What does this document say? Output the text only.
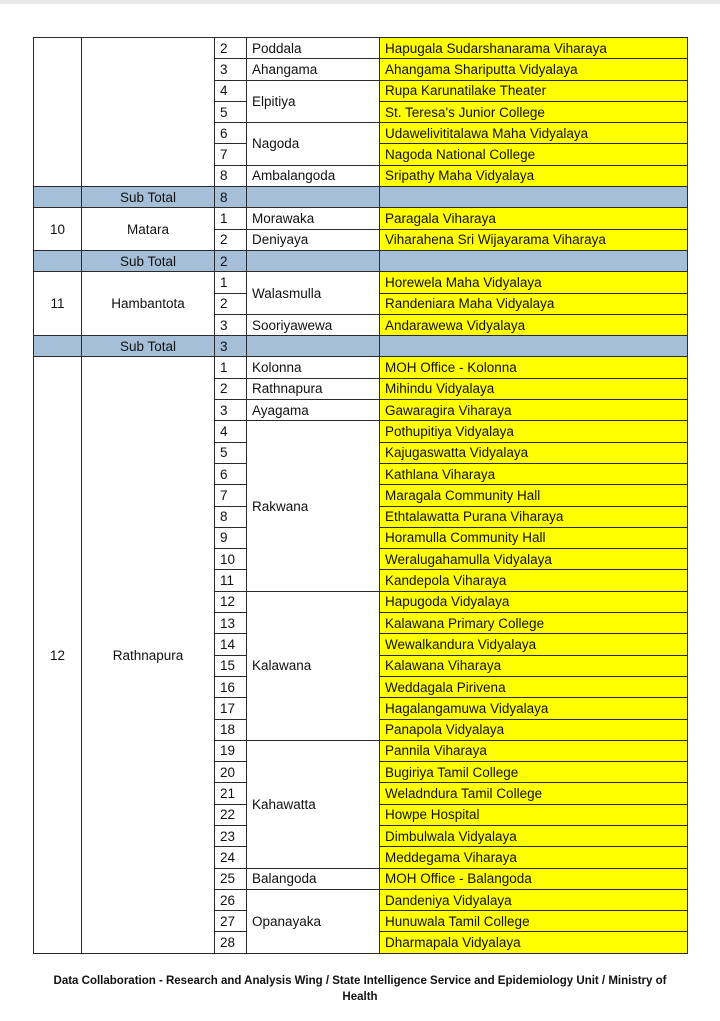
		2	Poddala	Hapugala Sudarshanarama Viharaya
		3	Ahangama	Ahangama Shariputta Vidyalaya
		4	Elpitiya	Rupa Karunatilake Theater
		5		St. Teresa's Junior College
		6	Nagoda	Udawelivititalawa Maha Vidyalaya
		7		Nagoda National College
		8	Ambalangoda	Sripathy Maha Vidyalaya
	Sub Total	8		
10	Matara	1	Morawaka	Paragala Viharaya
		2	Deniyaya	Viharahena Sri Wijayarama Viharaya
	Sub Total	2		
11	Hambantota	1	Walasmulla	Horewela Maha Vidyalaya
		2		Randeniara Maha Vidyalaya
		3	Sooriyawewa	Andarawewa Vidyalaya
	Sub Total	3		
12	Rathnapura	1	Kolonna	MOH Office - Kolonna
		2	Rathnapura	Mihindu Vidyalaya
		3	Ayagama	Gawaragira Viharaya
		4	Rakwana	Pothupitiya Vidyalaya
		5		Kajugaswatta Vidyalaya
		6		Kathlana Viharaya
		7		Maragala Community Hall
		8		Ethtalawatta Purana Viharaya
		9		Horamulla Community Hall
		10		Weralugahamulla Vidyalaya
		11		Kandepola Viharaya
		12	Kalawana	Hapugoda Vidyalaya
		13		Kalawana Primary College
		14		Wewalkandura Vidyalaya
		15		Kalawana Viharaya
		16		Weddagala Pirivena
		17		Hagalangamuwa Vidyalaya
		18		Panapola Vidyalaya
		19	Kahawatta	Pannila Viharaya
		20		Bugiriya Tamil College
		21		Weladndura Tamil College
		22		Howpe Hospital
		23		Dimbulwala Vidyalaya
		24		Meddegama Viharaya
		25	Balangoda	MOH Office - Balangoda
		26	Opanayaka	Dandeniya Vidyalaya
		27		Hunuwala Tamil College
		28		Dharmapala Vidyalaya
Data Collaboration - Research and Analysis Wing / State Intelligence Service and Epidemiology Unit / Ministry of
Health
